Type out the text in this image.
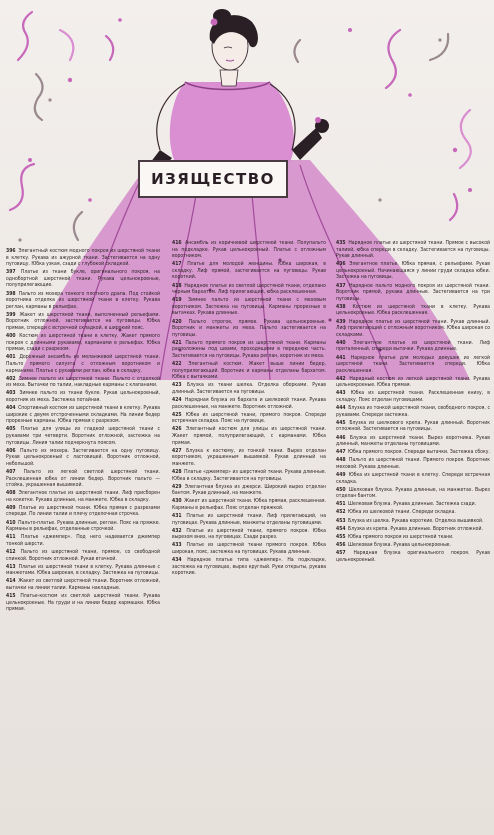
ИЗЯЩЕСТВО
396 Элегантный костюм модного покроя из шерстяной ткани в клетку. Рукава из ажурной ткани. Застегивается на одну пуговицу. Юбка узкая, сзади с глубокой складкой.
397 Платье из ткани букле, оригинального покроя, на однобортной шерстяной ткани. Рукава цельнокроеные, полуприлегающие.
398 Пальто из мохера тонкого плотного драпа. Под стойкой воротника отделка из шерстяной ткани в клетку. Рукава реглан, карманы в рельефах.
399 Жакет из шерстяной ткани, выполненный рельефами. Воротник отложной, застегивается на пуговицы. Юбка прямая, спереди с встречной складкой, в широкий пояс.
400 Костюм из шерстяной ткани в клетку. Жакет прямого покроя с длинными рукавами, карманами в рельефах. Юбка прямая, сзади с разрезом.
401 Дорожный ансамбль из меланжевой шерстяной ткани. Пальто прямого силуэта с отложным воротником и карманами. Платье с рукавами реглан, юбка в складку.
402 Зимнее пальто из шерстяной ткани. Пальто с отделкой из меха. Вытачки по талии, накладные карманы с клапанами.
403 Зимнее пальто из ткани букле. Рукав цельнокроеный, воротник из меха. Застежка потайная.
404 Спортивный костюм из шерстяной ткани в клетку. Рукава широкие с двумя отстроченными складками. На линии бедер прорезные карманы. Юбка прямая с разрезом.
405 Платье для улицы из гладкой шерстяной ткани с рукавами три четверти. Воротник отложной, застежка на пуговицы. Линия талии подчеркнута поясом.
406 Пальто из мохера. Застегивается на одну пуговицу. Рукав цельнокроеный с ластовицей. Воротник отложной, небольшой.
407 Пальто из легкой светлой шерстяной ткани. Расклешенная юбка от линии бедер. Воротник пальто — стойка, украшенная вышивкой.
408 Элегантное платье из шерстяной ткани. Лиф присборен на кокетке. Рукава длинные, на манжете. Юбка в складку.
409 Платье из шерстяной ткани. Юбка прямая с разрезами спереди. По линии талии и плечу отделочная строчка.
410 Пальто-платье. Рукава длинные, реглан. Пояс на пряжке. Карманы в рельефах, отделанные строчкой.
411 Платье «джемпер». Под него надевается джемпер тонкой шерсти.
412 Пальто из шерстяной ткани, прямое, со свободной спинкой. Воротник отложной. Рукав втачной.
413 Платье из шерстяной ткани в клетку. Рукава длинные с манжетами. Юбка широкая, в складку. Застежка на пуговицы.
414 Жакет из светлой шерстяной ткани. Воротник отложной, вытачки на линии талии. Карманы накладные.
415 Платье-костюм из светлой шерстяной ткани. Рукава цельнокроеные. На груди и на линии бедер кармашки. Юбка прямая.
416 Ансамбль из коричневой шерстяной ткани. Полупальто на подкладке. Рукав цельнокроеный. Платье с отложным воротником.
417 Платье для молодой женщины. Юбка широкая, в складку. Лиф прямой, застегивается на пуговицы. Рукав короткий.
418 Нарядное платье из светлой шерстяной ткани, отделано черным бархатом. Лиф прилегающий, юбка расклешенная.
419 Зимнее пальто из шерстяной ткани с меховым воротником. Застежка на пуговицы. Карманы прорезные в вытачках. Рукава длинные.
420 Пальто строгое, прямое. Рукава цельнокроеные. Воротник и манжеты из меха. Пальто застегивается на пуговицы.
421 Пальто прямого покроя из шерстяной ткани. Карманы расположены под швами, проходящими в переднюю часть. Застегивается на пуговицы. Рукава реглан, воротник из меха.
422 Элегантный костюм. Жакет выше линии бедер, полуприлегающий. Воротник и карманы отделаны бархатом. Юбка с вытачками.
423 Блузка из ткани шелка. Отделка оборками. Рукав длинный. Застегивается на пуговицы.
424 Нарядная блузка из бархата и шелковой ткани. Рукава расклешенные, на манжете. Воротник отложной.
425 Юбка из шерстяной ткани, прямого покроя. Спереди встречная складка. Пояс на пуговице.
426 Элегантный костюм для улицы из шерстяной ткани. Жакет прямой, полуприлегающий, с карманами. Юбка прямая.
427 Блузка к костюму, из тонкой ткани. Вырез отделан воротником, украшенным вышивкой. Рукав длинный на манжете.
428 Платье «джемпер» из шерстяной ткани. Рукава длинные. Юбка в складку. Застегивается на пуговицы.
429 Элегантная блузка из джерси. Широкий вырез отделан бантом. Рукав длинный, на манжете.
430 Жакет из шерстяной ткани. Юбка прямая, расклешенная. Карманы в рельефах. Пояс отделан пряжкой.
431 Платье из шерстяной ткани. Лиф прилегающий, на пуговицах. Рукава длинные, манжеты отделаны пуговицами.
432 Платье из шерстяной ткани, прямого покроя. Юбка вырезом вниз, на пуговицах. Сзади разрез.
433 Платье из шерстяной ткани прямого покроя. Юбка широкая, пояс, застежка на пуговицах. Рукава длинные.
434 Нарядное платье типа «джемпер». На подкладке, застежка на пуговицах, вырез круглый. Руки открыты, рукава короткие.
435 Нарядное платье из шерстяной ткани. Прямое с высокой талией, юбка спереди в складку. Застегивается на пуговицы. Рукав длинный.
436 Элегантное платье. Юбка прямая, с рельефами. Рукав цельнокроеный. Начинающаяся у линии груди складка юбки. Застежка на пуговицы.
437 Нарядное пальто модного покроя из шерстяной ткани. Воротник прямой, рукава длинные. Застегивается на три пуговицы.
438 Костюм из шерстяной ткани в клетку. Рукава цельнокроеные. Юбка расклешенная.
439 Нарядное платье из шерстяной ткани. Рукав длинный. Лиф прилегающий с отложным воротником. Юбка широкая со складками.
440 Элегантное платье из шерстяной ткани. Лиф приталенный, спереди вытачки. Рукава длинные.
441 Нарядное платье для молодых девушек из легкой шерстяной ткани. Застегивается спереди. Юбка расклешенная.
442 Нарядный костюм из легкой шерстяной ткани. Рукава цельнокроеные. Юбка прямая.
443 Юбка из шерстяной ткани. Расклешенная книзу, в складку. Пояс отделан пуговицами.
444 Блузка из тонкой шерстяной ткани, свободного покроя, с рукавами. Спереди застежка.
445 Блузка из шелкового крепа. Рукав длинный. Воротник отложной. Застегивается на пуговицы.
446 Блузка из шерстяной ткани. Вырез воротника. Рукав длинный, манжеты отделаны пуговицами.
447 Юбка прямого покроя. Спереди вытачки. Застежка сбоку.
448 Пальто из шерстяной ткани. Прямого покроя. Воротник меховой. Рукава длинные.
449 Юбка из шерстяной ткани в клетку. Спереди встречная складка.
450 Шелковая блузка. Рукава длинные, на манжетах. Вырез отделан бантом.
451 Шелковая блузка. Рукава длинные. Застежка сзади.
452 Юбка из шелковой ткани. Спереди складка.
453 Блузка из шелка. Рукава короткие. Отделка вышивкой.
454 Блузка из крепа. Рукава длинные. Воротник отложной.
455 Юбка прямого покроя из шерстяной ткани.
456 Шелковая блузка. Рукава цельнокроеные.
457 Нарядная блузка оригинального покроя. Рукав цельнокроеный.
